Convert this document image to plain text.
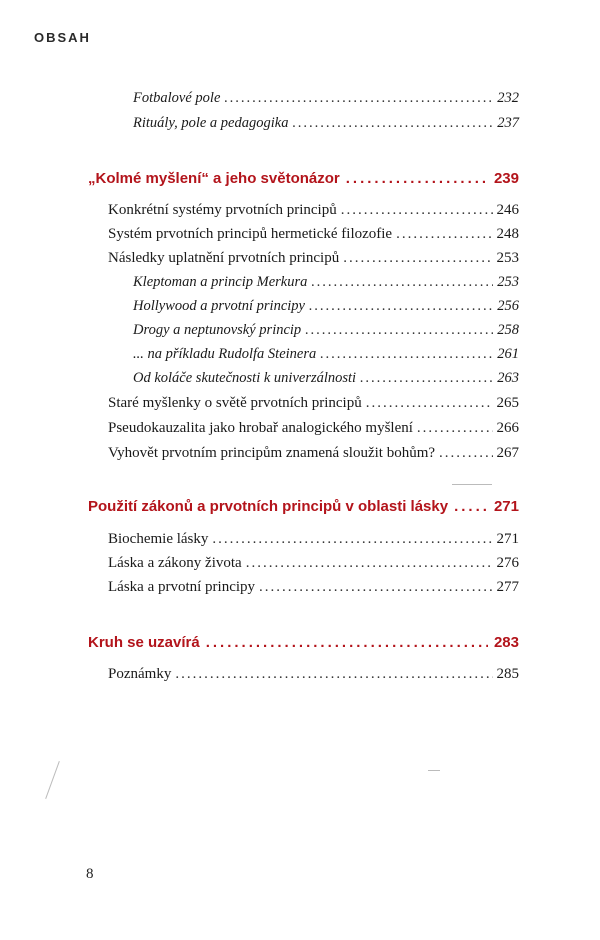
OBSAH
Fotbalové pole .....	232
Rituály, pole a pedagogika .....	237
„Kolmé myšlení“ a jeho světonázor .....	239
Konkrétní systémy prvotních principů .....	246
Systém prvotních principů hermetické filozofie .....	248
Následky uplatnění prvotních principů .....	253
Kleptoman a princip Merkura .....	253
Hollywood a prvotní principy .....	256
Drogy a neptunovský princip .....	258
... na příkladu Rudolfa Steinera .....	261
Od koláče skutečnosti k univerzálnosti .....	263
Staré myšlenky o světě prvotních principů .....	265
Pseudokauzalita jako hrobař analogického myšlení .....	266
Vyhovět prvotním principům znamená sloužit bohům? .....	267
Použití zákonů a prvotních principů v oblasti lásky .....	271
Biochemie lásky .....	271
Láska a zákony života .....	276
Láska a prvotní principy .....	277
Kruh se uzavírá .....	283
Poznámky .....	285
8
